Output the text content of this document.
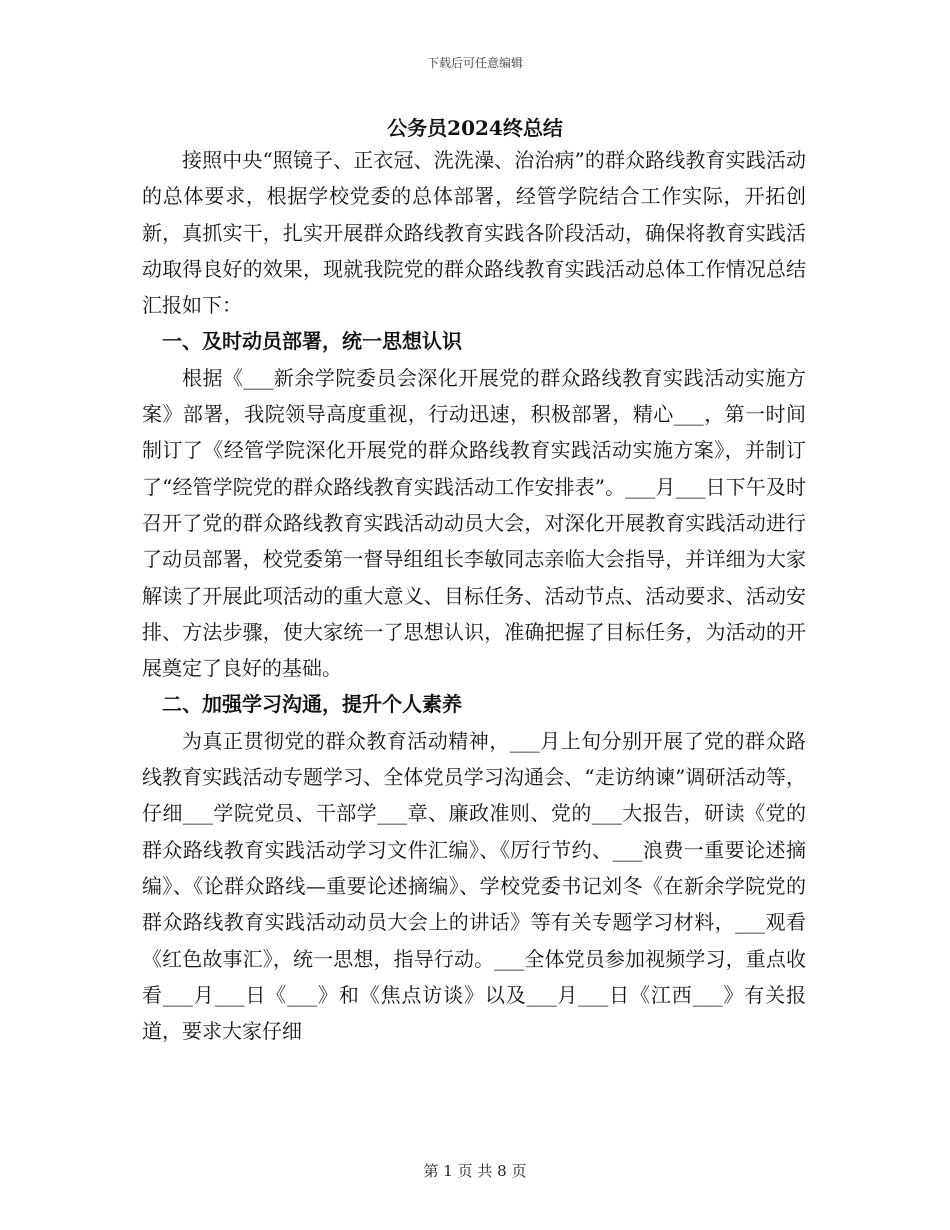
下载后可任意编辑
公务员2024终总结

接照中央“照镜子、正衣冠、洗洗澡、治治病”的群众路线教育实践活动的总体要求，根据学校党委的总体部署，经管学院结合工作实际，开拓创新，真抓实干，扎实开展群众路线教育实践各阶段活动，确保将教育实践活动取得良好的效果，现就我院党的群众路线教育实践活动总体工作情况总结汇报如下：

一、及时动员部署，统一思想认识

根据《___新余学院委员会深化开展党的群众路线教育实践活动实施方案》部署，我院领导高度重视，行动迅速，积极部署，精心___，第一时间制订了《经管学院深化开展党的群众路线教育实践活动实施方案》，并制订了“经管学院党的群众路线教育实践活动工作安排表”。___月___日下午及时召开了党的群众路线教育实践活动动员大会，对深化开展教育实践活动进行了动员部署，校党委第一督导组组长李敏同志亲临大会指导，并详细为大家解读了开展此项活动的重大意义、目标任务、活动节点、活动要求、活动安排、方法步骤，使大家统一了思想认识，准确把握了目标任务，为活动的开展奠定了良好的基础。

二、加强学习沟通，提升个人素养

为真正贯彻党的群众教育活动精神，___月上旬分别开展了党的群众路线教育实践活动专题学习、全体党员学习沟通会、“走访纳谏”调研活动等，仔细___学院党员、干部学___章、廉政准则、党的___大报告，研读《党的群众路线教育实践活动学习文件汇编》、《厉行节约、___浪费一重要论述摘编》、《论群众路线—重要论述摘编》、学校党委书记刘冬《在新余学院党的群众路线教育实践活动动员大会上的讲话》等有关专题学习材料，___观看《红色故事汇》，统一思想，指导行动。___全体党员参加视频学习，重点收看___月___日《___》和《焦点访谈》以及___月___日《江西___》有关报道，要求大家仔细

第 1 页 共 8 页
